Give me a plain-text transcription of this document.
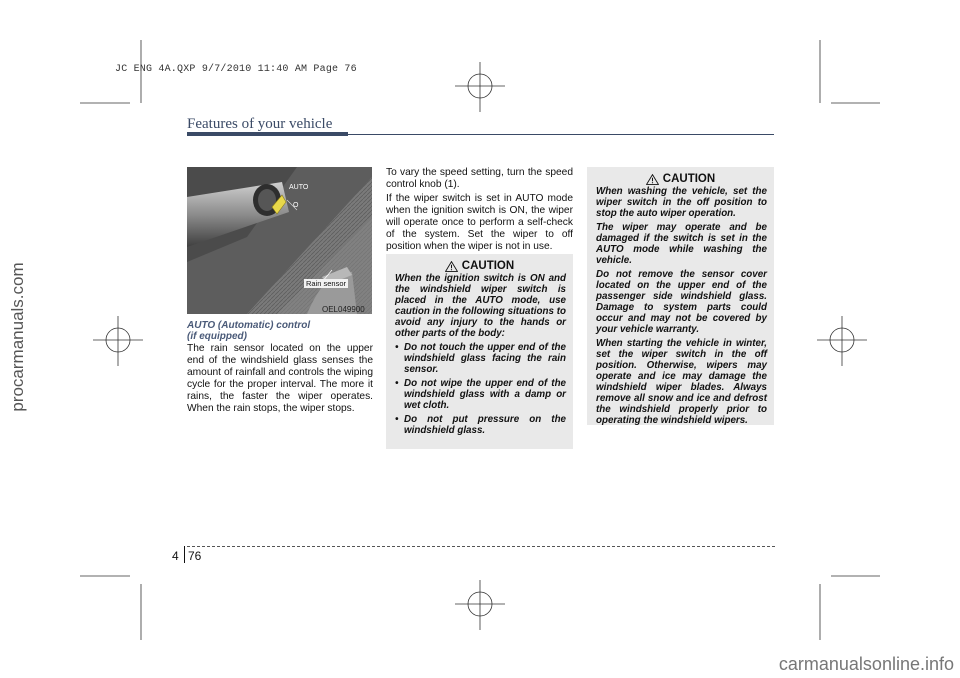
JC ENG 4A.QXP 9/7/2010 11:40 AM Page 76
procarmanuals.com
carmanualsonline.info
Features of your vehicle
AUTO
O
Rain sensor
OEL049900
AUTO (Automatic) control
(if equipped)

The rain sensor located on the upper end of the windshield glass senses the amount of rainfall and controls the wiping cycle for the proper interval. The more it rains, the faster the wiper operates. When the rain stops, the wiper stops.

To vary the speed setting, turn the speed control knob (1).

If the wiper switch is set in AUTO mode when the ignition switch is ON, the wiper will operate once to perform a self-check of the system. Set the wiper to off position when the wiper is not in use.

CAUTION

When the ignition switch is ON and the windshield wiper switch is placed in the AUTO mode, use caution in the following situations to avoid any injury to the hands or other parts of the body:

• Do not touch the upper end of the windshield glass facing the rain sensor.
• Do not wipe the upper end of the windshield glass with a damp or wet cloth.
• Do not put pressure on the windshield glass.
CAUTION

When washing the vehicle, set the wiper switch in the off position to stop the auto wiper operation.

The wiper may operate and be damaged if the switch is set in the AUTO mode while washing the vehicle.

Do not remove the sensor cover located on the upper end of the passenger side windshield glass. Damage to system parts could occur and may not be covered by your vehicle warranty.

When starting the vehicle in winter, set the wiper switch in the off position. Otherwise, wipers may operate and ice may damage the windshield wiper blades. Always remove all snow and ice and defrost the windshield properly prior to operating the windshield wipers.

4 76
